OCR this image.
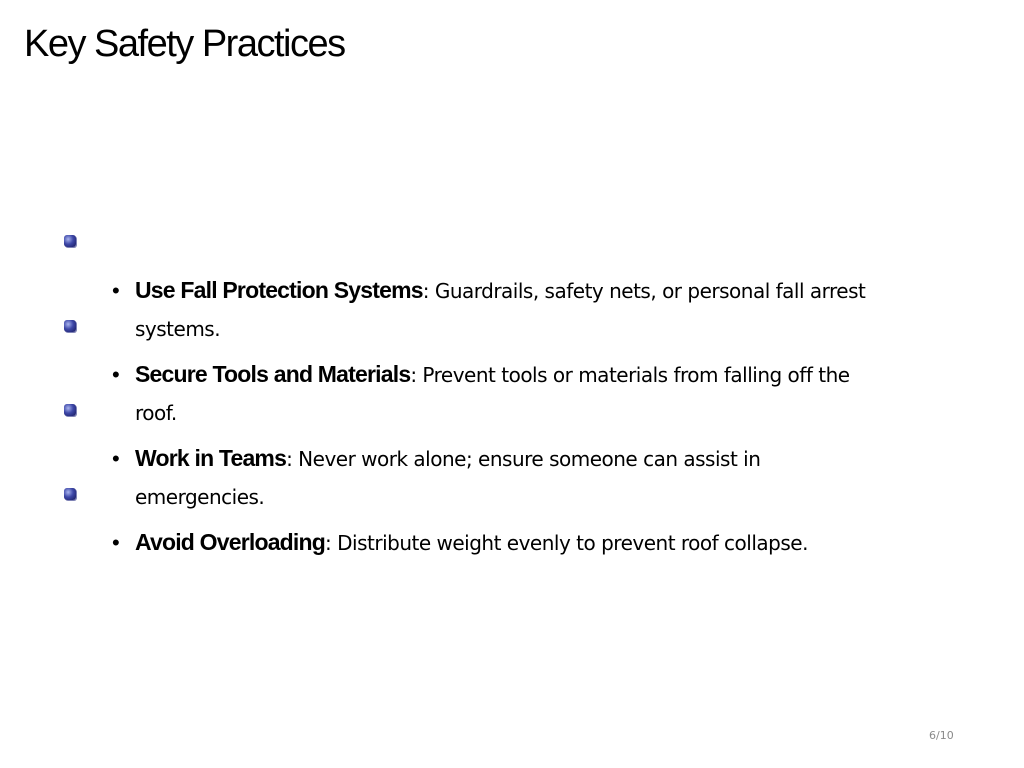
Key Safety Practices
• Use Fall Protection Systems: Guardrails, safety nets, or personal fall arrest systems.
• Secure Tools and Materials: Prevent tools or materials from falling off the roof.
• Work in Teams: Never work alone; ensure someone can assist in emergencies.
• Avoid Overloading: Distribute weight evenly to prevent roof collapse.
6/10
